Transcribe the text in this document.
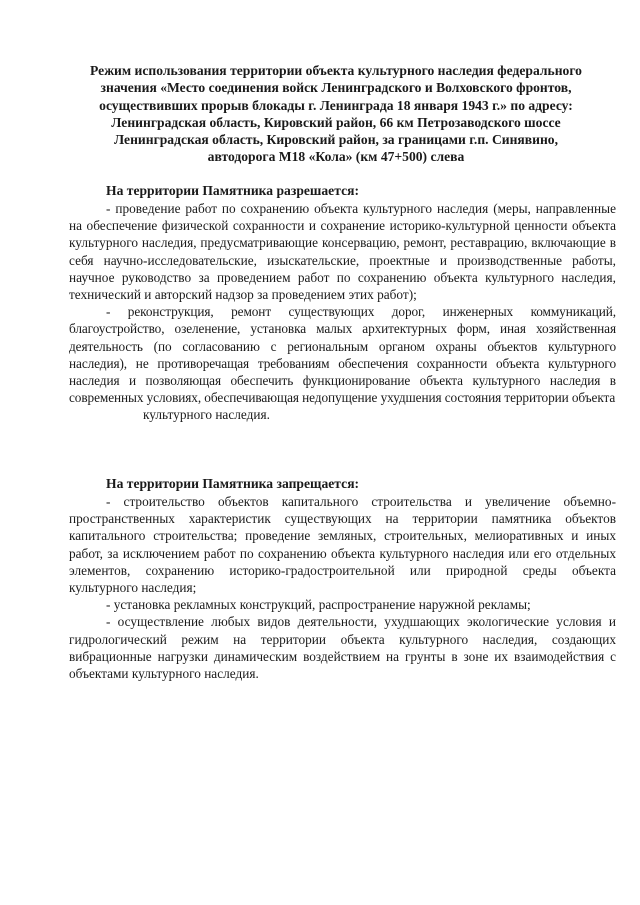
Режим использования территории объекта культурного наследия федерального
значения «Место соединения войск Ленинградского и Волховского фронтов,
осуществивших прорыв блокады г. Ленинграда 18 января 1943 г.» по адресу:
Ленинградская область, Кировский район, 66 км Петрозаводского шоссе
Ленинградская область, Кировский район, за границами г.п. Синявино,
автодорога М18 «Кола» (км 47+500) слева
На территории Памятника разрешается:

- проведение работ по сохранению объекта культурного наследия (меры, направленные на обеспечение физической сохранности и сохранение историко-культурной ценности объекта культурного наследия, предусматривающие консервацию, ремонт, реставрацию, включающие в себя научно-исследовательские, изыскательские, проектные и производственные работы, научное руководство за проведением работ по сохранению объекта культурного наследия, технический и авторский надзор за проведением этих работ);

- реконструкция, ремонт существующих дорог, инженерных коммуникаций, благоустройство, озеленение, установка малых архитектурных форм, иная хозяйственная деятельность (по согласованию с региональным органом охраны объектов культурного наследия), не противоречащая требованиям обеспечения сохранности объекта культурного наследия и позволяющая обеспечить функционирование объекта культурного наследия в современных условиях, обеспечивающая недопущение ухудшения состояния территории объекта

культурного наследия.

На территории Памятника запрещается:

- строительство объектов капитального строительства и увеличение объемно-пространственных характеристик существующих на территории памятника объектов капитального строительства; проведение земляных, строительных, мелиоративных и иных работ, за исключением работ по сохранению объекта культурного наследия или его отдельных элементов, сохранению историко-градостроительной или природной среды объекта культурного наследия;

- установка рекламных конструкций, распространение наружной рекламы;

- осуществление любых видов деятельности, ухудшающих экологические условия и гидрологический режим на территории объекта культурного наследия, создающих вибрационные нагрузки динамическим воздействием на грунты в зоне их взаимодействия с объектами культурного наследия.
